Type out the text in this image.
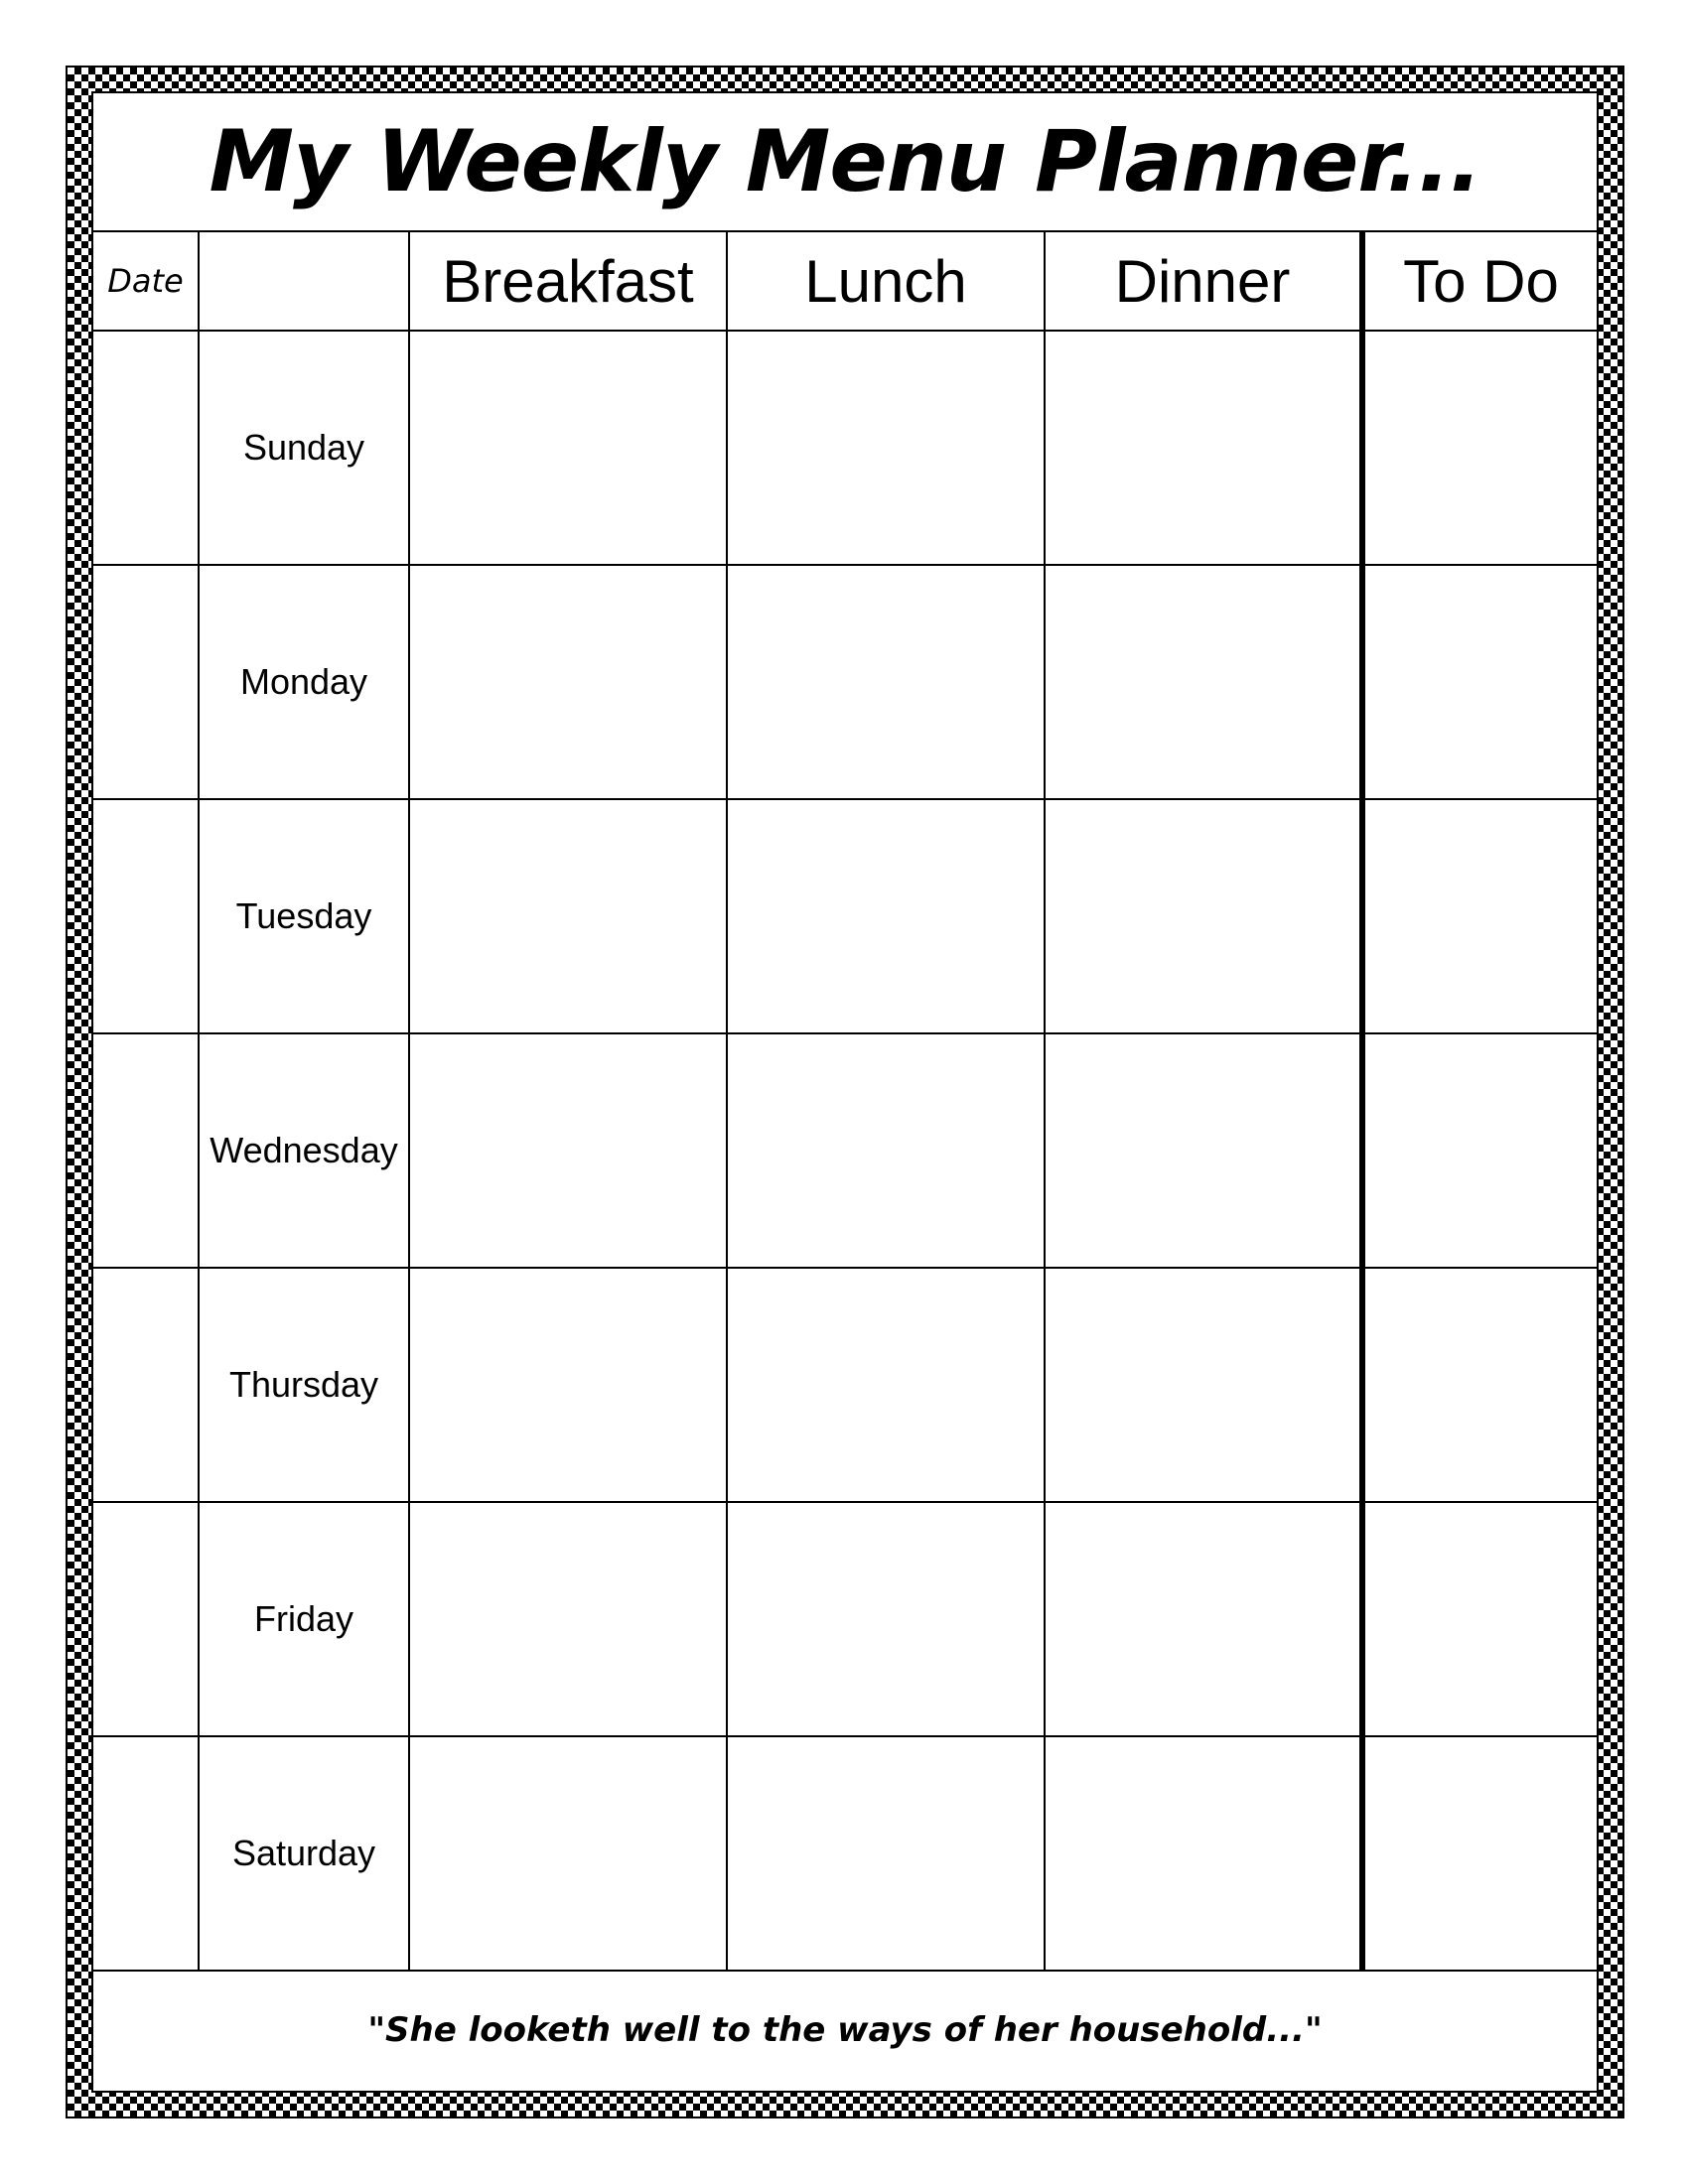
My Weekly Menu Planner...
Date		Breakfast	Lunch	Dinner	To Do
	Sunday				
	Monday				
	Tuesday				
	Wednesday				
	Thursday				
	Friday				
	Saturday				
"She looketh well to the ways of her household..."
